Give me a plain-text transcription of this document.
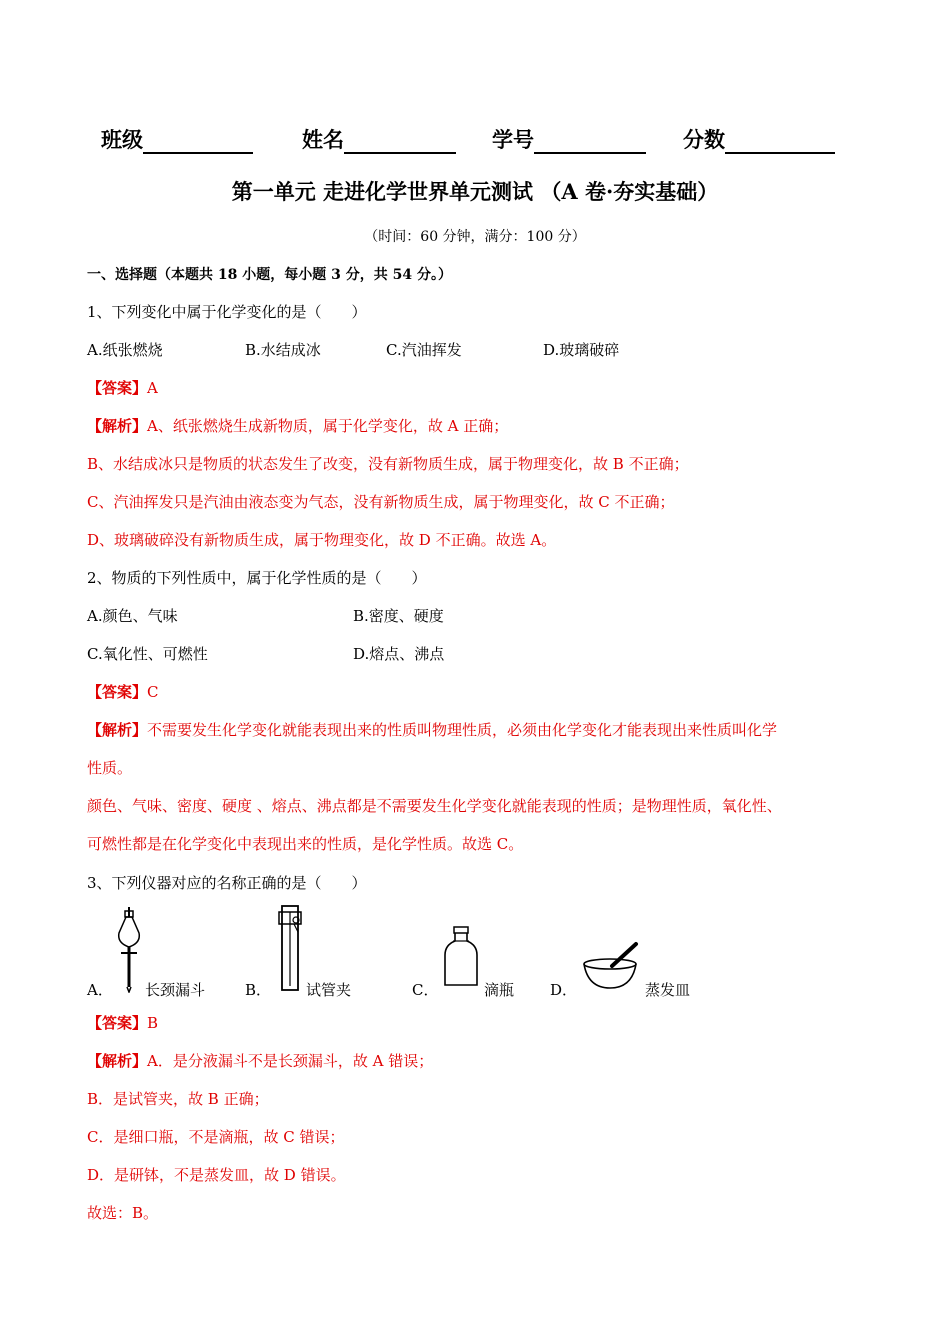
班级	姓名	学号	分数
第一单元 走进化学世界单元测试 （A 卷·夯实基础）
（时间：60 分钟，满分：100 分）
一、选择题（本题共 18 小题，每小题 3 分，共 54 分。）
1、下列变化中属于化学变化的是（　　）
A.纸张燃烧	B.水结成冰	C.汽油挥发	D.玻璃破碎
【答案】A
【解析】A、纸张燃烧生成新物质，属于化学变化，故 A 正确；
B、水结成冰只是物质的状态发生了改变，没有新物质生成，属于物理变化，故 B 不正确；
C、汽油挥发只是汽油由液态变为气态，没有新物质生成，属于物理变化，故 C 不正确；
D、玻璃破碎没有新物质生成，属于物理变化，故 D 不正确。故选 A。
2、物质的下列性质中，属于化学性质的是（　　）
A.颜色、气味	B.密度、硬度
C.氧化性、可燃性	D.熔点、沸点
【答案】C
【解析】不需要发生化学变化就能表现出来的性质叫物理性质，必须由化学变化才能表现出来性质叫化学
性质。
颜色、气味、密度、硬度 、熔点、沸点都是不需要发生化学变化就能表现的性质；是物理性质，氧化性、
可燃性都是在化学变化中表现出来的性质，是化学性质。故选 C。
3、下列仪器对应的名称正确的是（　　）
A． 长颈漏斗	B． 试管夹	C．	滴瓶 D．	蒸发皿
【答案】B
【解析】A．是分液漏斗不是长颈漏斗，故 A 错误；
B．是试管夹，故 B 正确；
C．是细口瓶，不是滴瓶，故 C 错误；
D．是研钵，不是蒸发皿，故 D 错误。
故选：B。
